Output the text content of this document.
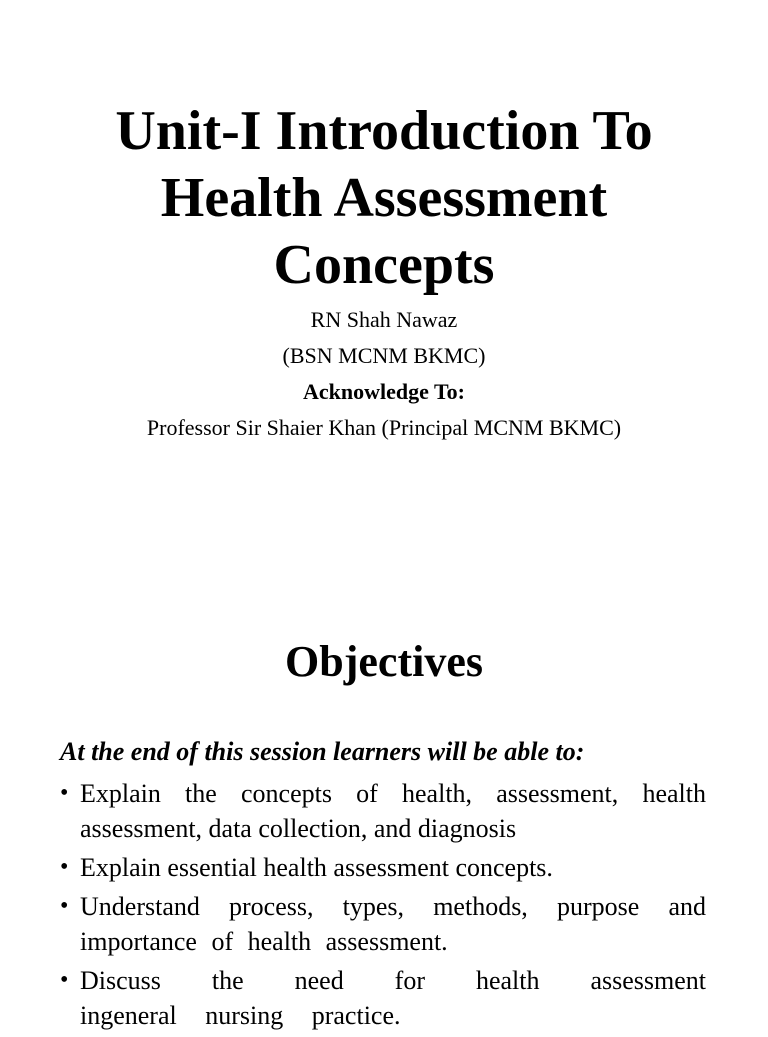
Unit-I Introduction To
Health Assessment
Concepts
RN Shah Nawaz
(BSN MCNM BKMC)
Acknowledge To:
Professor Sir Shaier Khan (Principal MCNM BKMC)
Objectives
At the end of this session learners will be able to:
• Explain the concepts of health, assessment, health assessment, data collection, and diagnosis
• Explain essential health assessment concepts.
• Understand process, types, methods, purpose and importance of health assessment.
• Discuss the need for health assessment ingeneral nursing practice.
